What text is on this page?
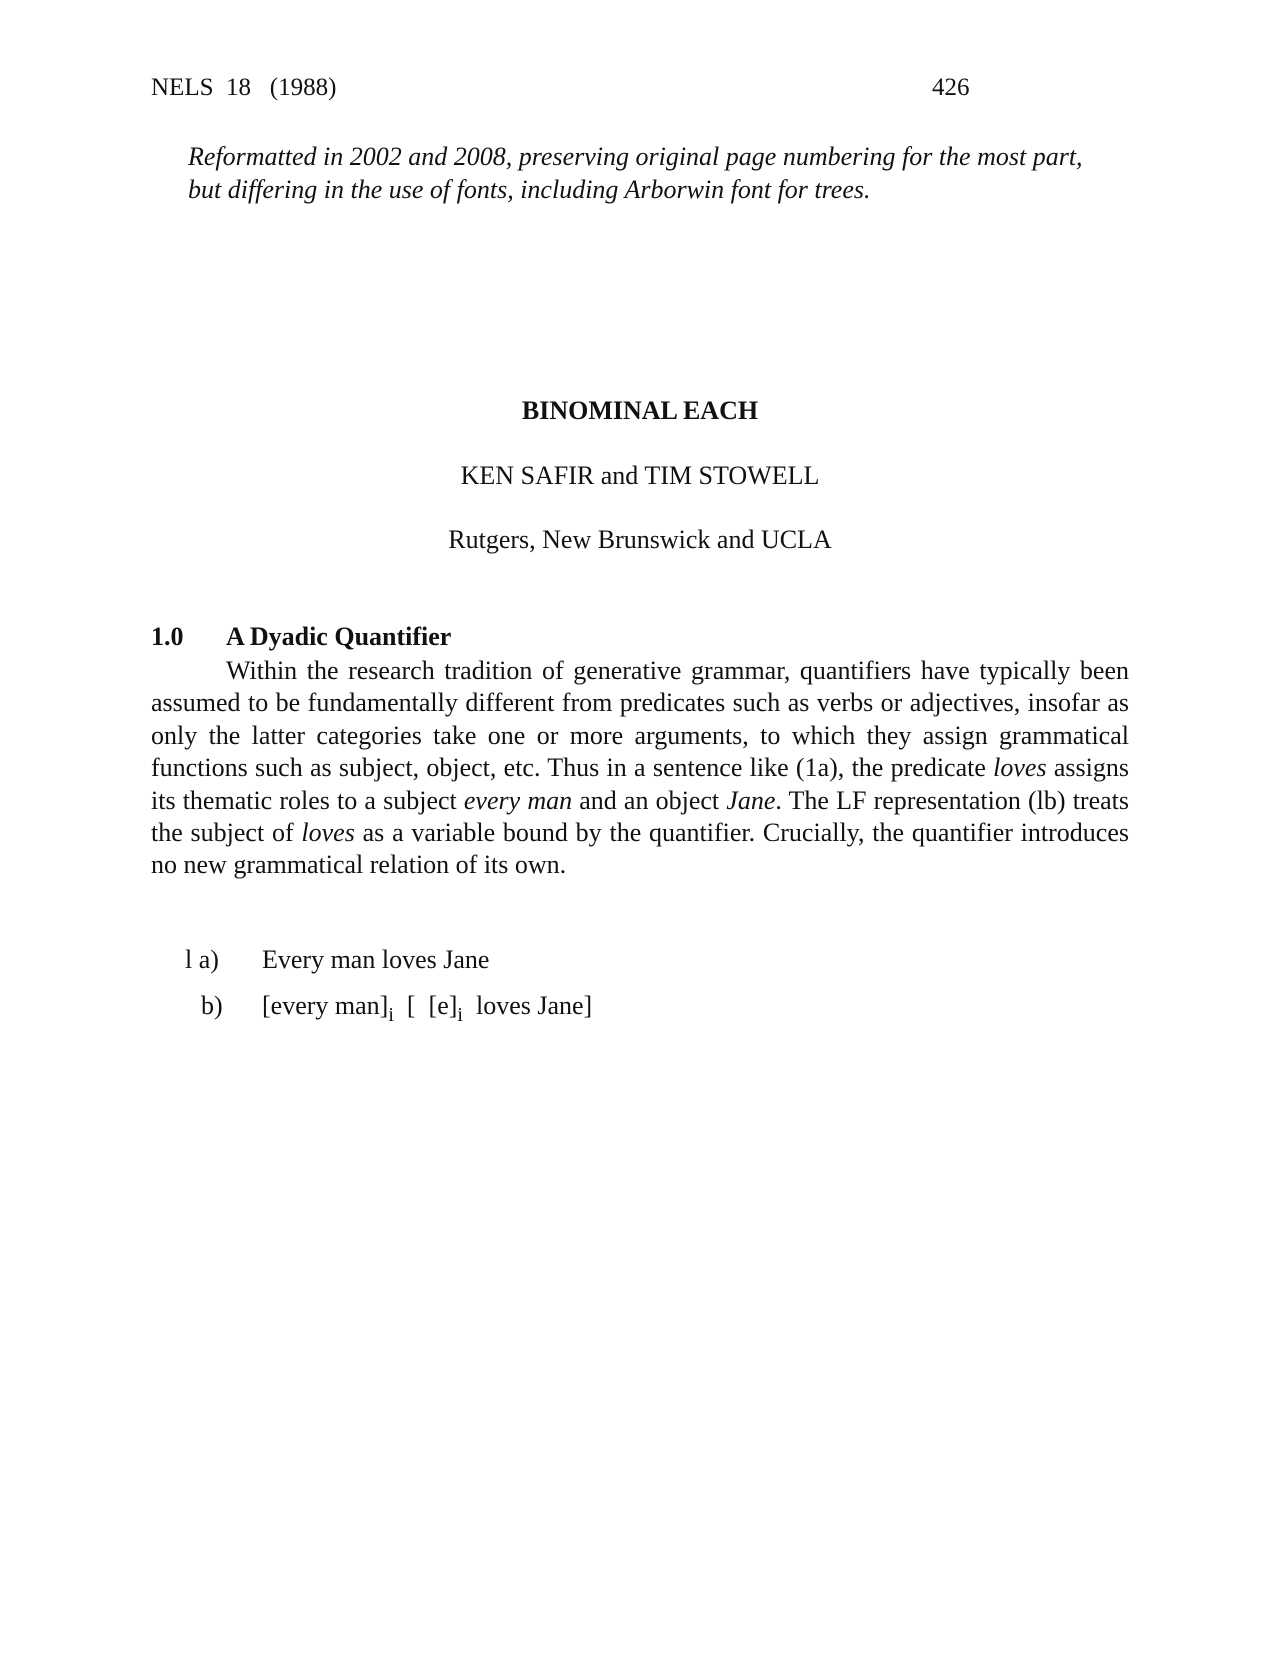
NELS  18   (1988)	426
Reformatted in 2002 and 2008, preserving original page numbering for the most part, but differing in the use of fonts, including Arborwin font for trees.
BINOMINAL EACH
KEN SAFIR and TIM STOWELL
Rutgers, New Brunswick and UCLA
1.0 A Dyadic Quantifier
Within the research tradition of generative grammar, quantifiers have typically been assumed to be fundamentally different from predicates such as verbs or adjectives, insofar as only the latter categories take one or more arguments, to which they assign grammatical functions such as subject, object, etc. Thus in a sentence like (1a), the predicate loves assigns its thematic roles to a subject every man and an object Jane. The LF representation (lb) treats the subject of loves as a variable bound by the quantifier. Crucially, the quantifier introduces no new grammatical relation of its own.
l a) Every man loves Jane
b) [every $man]_i$  [  $[e]_i$  loves Jane]
